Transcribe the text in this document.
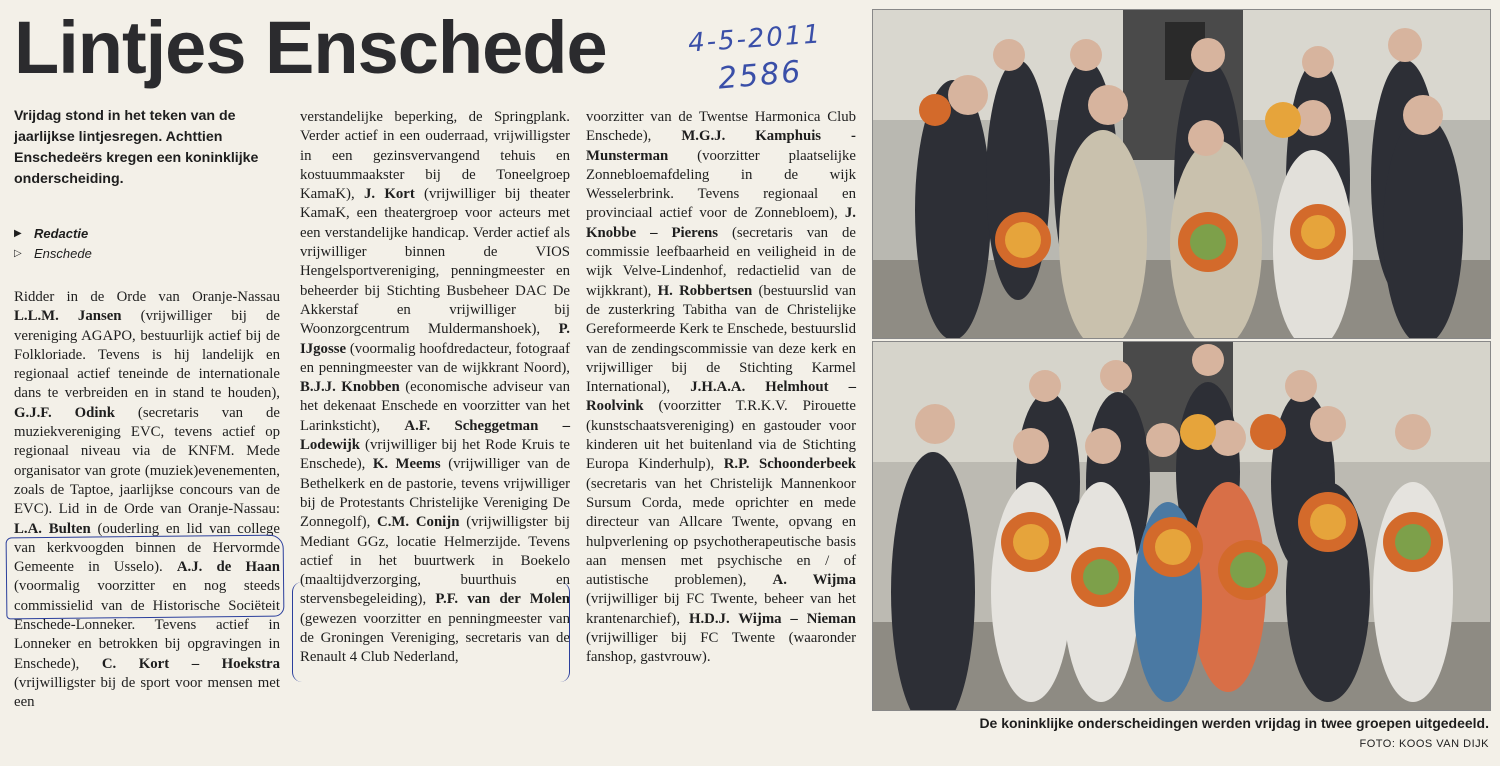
Lintjes Enschede	4-5-2011
2586

Vrijdag stond in het teken van de jaarlijkse lintjesregen. Achttien Enschedeërs kregen een koninklijke onderscheiding.

▶ Redactie
▷ Enschede

Ridder in de Orde van Oranje-Nassau L.L.M. Jansen (vrijwilliger bij de vereniging AGAPO, bestuurlijk actief bij de Folkloriade. Tevens is hij landelijk en regionaal actief teneinde de internationale dans te verbreiden en in stand te houden), G.J.F. Odink (secretaris van de muziekvereniging EVC, tevens actief op regionaal niveau via de KNFM. Mede organisator van grote (muziek)evenementen, zoals de Taptoe, jaarlijkse concours van de EVC). Lid in de Orde van Oranje-Nassau: L.A. Bulten (ouderling en lid van college van kerkvoogden binnen de Hervormde Gemeente in Usselo). A.J. de Haan (voormalig voorzitter en nog steeds commissielid van de Historische Sociëteit Enschede-Lonneker. Tevens actief in Lonneker en betrokken bij opgravingen in Enschede), C. Kort – Hoekstra (vrijwilligster bij de sport voor mensen met een

verstandelijke beperking, de Springplank. Verder actief in een ouderraad, vrijwilligster in een gezinsvervangend tehuis en kostuummaakster bij de Toneelgroep KamaK), J. Kort (vrijwilliger bij theater KamaK, een theatergroep voor acteurs met een verstandelijke handicap. Verder actief als vrijwilliger binnen de VIOS Hengelsportvereniging, penningmeester en beheerder bij Stichting Busbeheer DAC De Akkerstaf en vrijwilliger bij Woonzorgcentrum Muldermanshoek), P. IJgosse (voormalig hoofdredacteur, fotograaf en penningmeester van de wijkkrant Noord), B.J.J. Knobben (economische adviseur van het dekenaat Enschede en voorzitter van het Larinksticht), A.F. Scheggetman – Lodewijk (vrijwilliger bij het Rode Kruis te Enschede), K. Meems (vrijwilliger van de Bethelkerk en de pastorie, tevens vrijwilliger bij de Protestants Christelijke Vereniging De Zonnegolf), C.M. Conijn (vrijwilligster bij Mediant GGz, locatie Helmerzijde. Tevens actief in het buurtwerk in Boekelo (maaltijdverzorging, buurthuis en stervensbegeleiding), P.F. van der Molen (gewezen voorzitter en penningmeester van de Groningen Vereniging, secretaris van de Renault 4 Club Nederland,

voorzitter van de Twentse Harmonica Club Enschede), M.G.J. Kamphuis - Munsterman (voorzitter plaatselijke Zonnebloemafdeling in de wijk Wesselerbrink. Tevens regionaal en provinciaal actief voor de Zonnebloem), J. Knobbe – Pierens (secretaris van de commissie leefbaarheid en veiligheid in de wijk Velve-Lindenhof, redactielid van de wijkkrant), H. Robbertsen (bestuurslid van de zusterkring Tabitha van de Christelijke Gereformeerde Kerk te Enschede, bestuurslid van de zendingscommissie van deze kerk en vrijwilliger bij de Stichting Karmel International), J.H.A.A. Helmhout – Roolvink (voorzitter T.R.K.V. Pirouette (kunstschaatsvereniging) en gastouder voor kinderen uit het buitenland via de Stichting Europa Kinderhulp), R.P. Schoonderbeek (secretaris van het Christelijk Mannenkoor Sursum Corda, mede oprichter en mede directeur van Allcare Twente, opvang en hulpverlening op psychotherapeutische basis aan mensen met psychische en / of autistische problemen), A. Wijma (vrijwilliger bij FC Twente, beheer van het krantenarchief), H.D.J. Wijma – Nieman (vrijwilliger bij FC Twente (waaronder fanshop, gastvrouw).

De koninklijke onderscheidingen werden vrijdag in twee groepen uitgedeeld.
FOTO: KOOS VAN DIJK
